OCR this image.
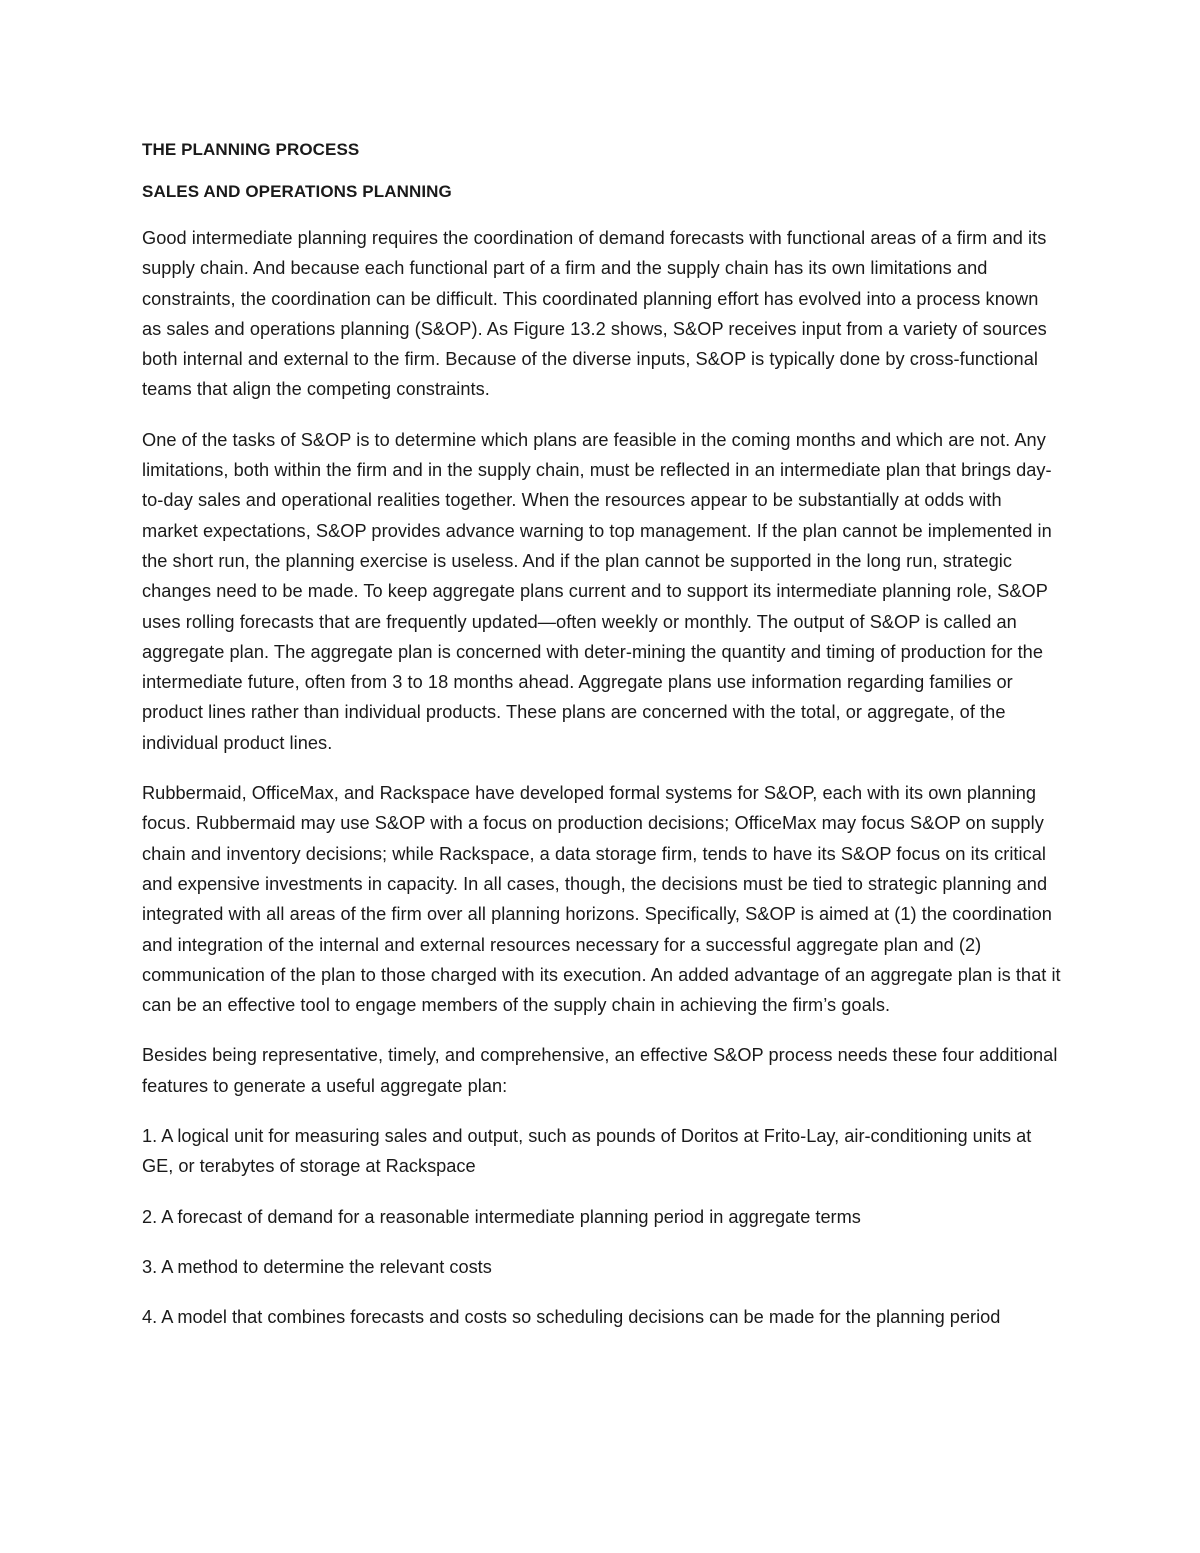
THE PLANNING PROCESS

SALES AND OPERATIONS PLANNING

Good intermediate planning requires the coordination of demand forecasts with functional areas of a firm and its supply chain. And because each functional part of a firm and the supply chain has its own limitations and constraints, the coordination can be difficult. This coordinated planning effort has evolved into a process known as sales and operations planning (S&OP). As Figure 13.2 shows, S&OP receives input from a variety of sources both internal and external to the firm. Because of the diverse inputs, S&OP is typically done by cross-functional teams that align the competing constraints.

One of the tasks of S&OP is to determine which plans are feasible in the coming months and which are not. Any limitations, both within the firm and in the supply chain, must be reflected in an intermediate plan that brings day-to-day sales and operational realities together. When the resources appear to be substantially at odds with market expectations, S&OP provides advance warning to top management. If the plan cannot be implemented in the short run, the planning exercise is useless. And if the plan cannot be supported in the long run, strategic changes need to be made. To keep aggregate plans current and to support its intermediate planning role, S&OP uses rolling forecasts that are frequently updated—often weekly or monthly. The output of S&OP is called an aggregate plan. The aggregate plan is concerned with deter-mining the quantity and timing of production for the intermediate future, often from 3 to 18 months ahead. Aggregate plans use information regarding families or product lines rather than individual products. These plans are concerned with the total, or aggregate, of the individual product lines.

Rubbermaid, OfficeMax, and Rackspace have developed formal systems for S&OP, each with its own planning focus. Rubbermaid may use S&OP with a focus on production decisions; OfficeMax may focus S&OP on supply chain and inventory decisions; while Rackspace, a data storage firm, tends to have its S&OP focus on its critical and expensive investments in capacity. In all cases, though, the decisions must be tied to strategic planning and integrated with all areas of the firm over all planning horizons. Specifically, S&OP is aimed at (1) the coordination and integration of the internal and external resources necessary for a successful aggregate plan and (2) communication of the plan to those charged with its execution. An added advantage of an aggregate plan is that it can be an effective tool to engage members of the supply chain in achieving the firm’s goals.

Besides being representative, timely, and comprehensive, an effective S&OP process needs these four additional features to generate a useful aggregate plan:

1. A logical unit for measuring sales and output, such as pounds of Doritos at Frito-Lay, air-conditioning units at GE, or terabytes of storage at Rackspace

2. A forecast of demand for a reasonable intermediate planning period in aggregate terms

3. A method to determine the relevant costs

4. A model that combines forecasts and costs so scheduling decisions can be made for the planning period
